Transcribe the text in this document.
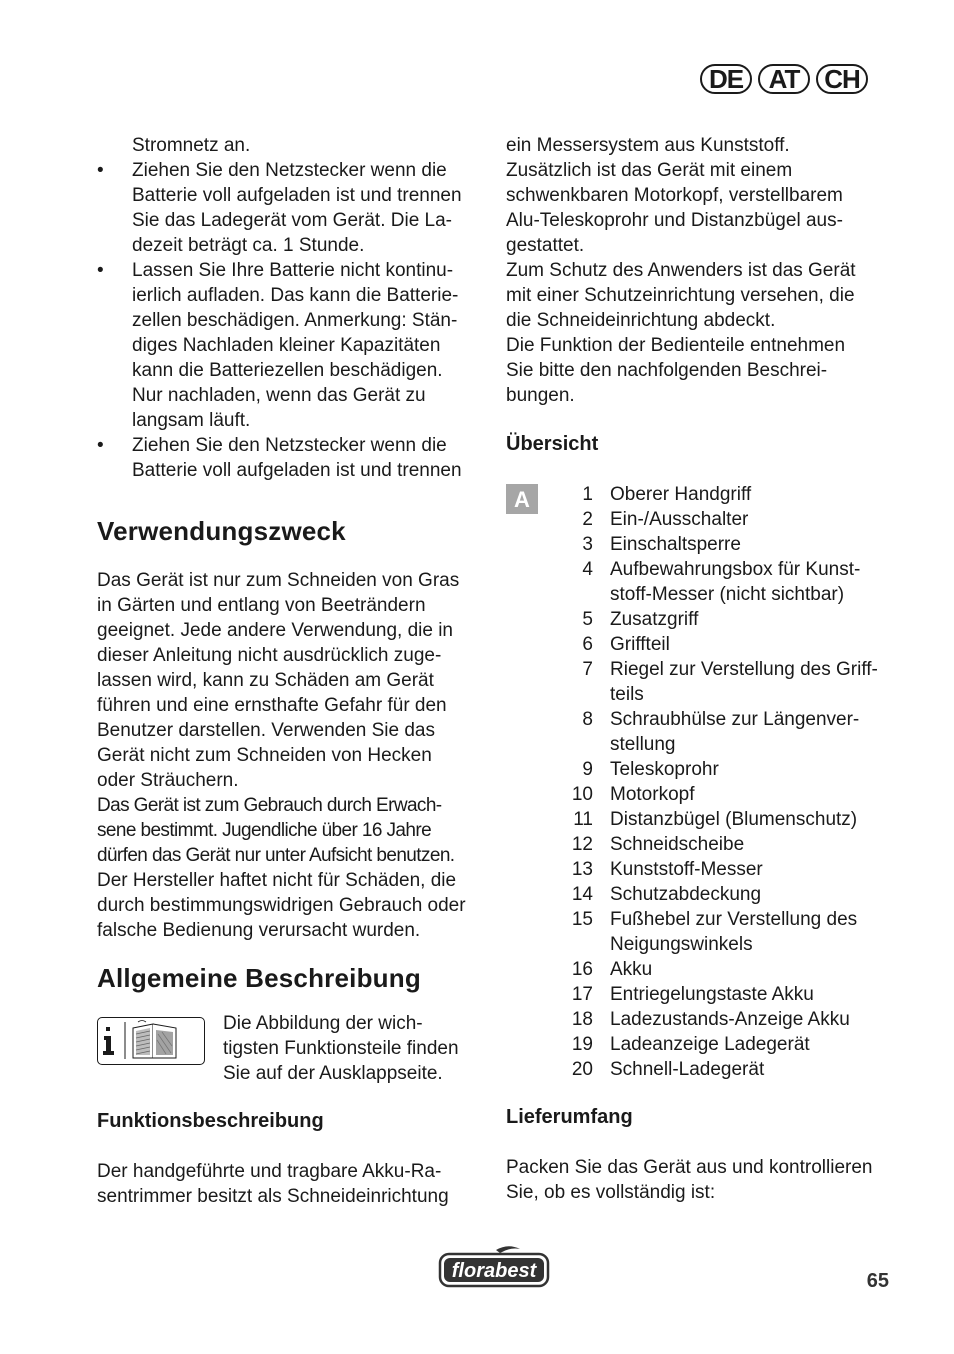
DE AT CH

Stromnetz an.

• Ziehen Sie den Netzstecker wenn die
Batterie voll aufgeladen ist und trennen
Sie das Ladegerät vom Gerät. Die La-
dezeit beträgt ca. 1 Stunde.
• Lassen Sie Ihre Batterie nicht kontinu-
ierlich aufladen. Das kann die Batterie-
zellen beschädigen. Anmerkung: Stän-
diges Nachladen kleiner Kapazitäten
kann die Batteriezellen beschädigen.
Nur nachladen, wenn das Gerät zu
langsam läuft.
• Ziehen Sie den Netzstecker wenn die
Batterie voll aufgeladen ist und trennen
Verwendungszweck
Das Gerät ist nur zum Schneiden von Gras
in Gärten und entlang von Beeträndern
geeignet. Jede andere Verwendung, die in
dieser Anleitung nicht ausdrücklich zuge-
lassen wird, kann zu Schäden am Gerät
führen und eine ernsthafte Gefahr für den
Benutzer darstellen. Verwenden Sie das
Gerät nicht zum Schneiden von Hecken
oder Sträuchern.
Das Gerät ist zum Gebrauch durch Erwach-
sene bestimmt. Jugendliche über 16 Jahre
dürfen das Gerät nur unter Aufsicht benutzen.
Der Hersteller haftet nicht für Schäden, die
durch bestimmungswidrigen Gebrauch oder
falsche Bedienung verursacht wurden.
Allgemeine Beschreibung
Die Abbildung der wich-
tigsten Funktionsteile finden
Sie auf der Ausklappseite.
Funktionsbeschreibung
Der handgeführte und tragbare Akku-Ra-
sentrimmer besitzt als Schneideinrichtung
ein Messersystem aus Kunststoff.
Zusätzlich ist das Gerät mit einem
schwenkbaren Motorkopf, verstellbarem
Alu-Teleskoprohr und Distanzbügel aus-
gestattet.
Zum Schutz des Anwenders ist das Gerät
mit einer Schutzeinrichtung versehen, die
die Schneideinrichtung abdeckt.
Die Funktion der Bedienteile entnehmen
Sie bitte den nachfolgenden Beschrei-
bungen.
Übersicht
A	1 Oberer Handgriff
2 Ein-/Ausschalter
3 Einschaltsperre
4 Aufbewahrungsbox für Kunst-
stoff-Messer (nicht sichtbar)
5 Zusatzgriff
6 Griffteil
7 Riegel zur Verstellung des Griff-
teils
8 Schraubhülse zur Längenver-
stellung
9 Teleskoprohr
10 Motorkopf
11 Distanzbügel (Blumenschutz)
12 Schneidscheibe
13 Kunststoff-Messer
14 Schutzabdeckung
15 Fußhebel zur Verstellung des
Neigungswinkels
16 Akku
17 Entriegelungstaste Akku
18 Ladezustands-Anzeige Akku
19 Ladeanzeige Ladegerät
20 Schnell-Ladegerät
Lieferumfang
Packen Sie das Gerät aus und kontrollieren
Sie, ob es vollständig ist:
florabest	65
